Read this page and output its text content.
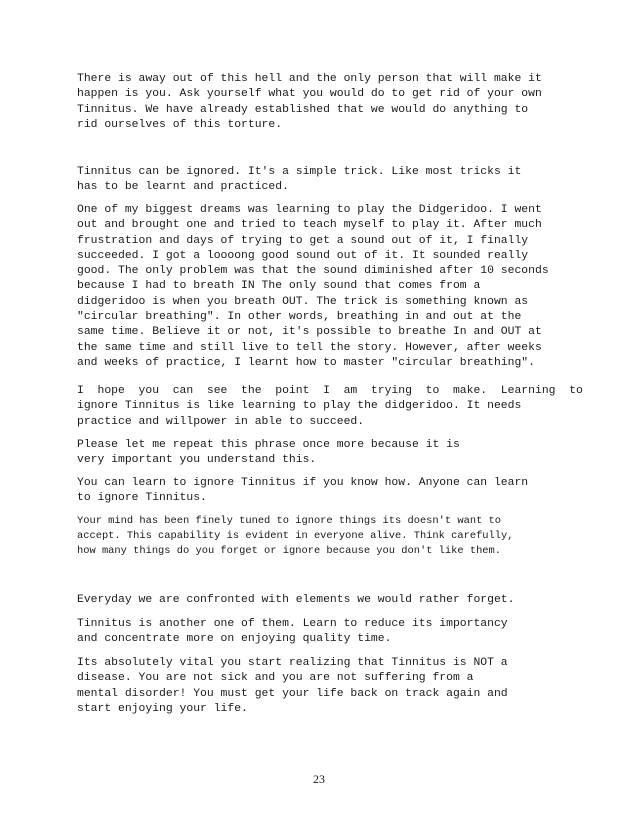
There is away out of this hell and the only person that will make it
happen is you. Ask yourself what you would do to get rid of your own
Tinnitus. We have already established that we would do anything to
rid ourselves of this torture.

Tinnitus can be ignored. It's a simple trick. Like most tricks it
has to be learnt and practiced.

One of my biggest dreams was learning to play the Didgeridoo. I went
out and brought one and tried to teach myself to play it. After much
frustration and days of trying to get a sound out of it, I finally
succeeded. I got a loooong good sound out of it. It sounded really
good. The only problem was that the sound diminished after 10 seconds
because I had to breath IN The only sound that comes from a
didgeridoo is when you breath OUT. The trick is something known as
"circular breathing". In other words, breathing in and out at the
same time. Believe it or not, it's possible to breathe In and OUT at
the same time and still live to tell the story. However, after weeks
and weeks of practice, I learnt how to master "circular breathing".

I  hope  you  can  see  the  point  I  am  trying  to  make.  Learning  to
ignore Tinnitus is like learning to play the didgeridoo. It needs
practice and willpower in able to succeed.

Please let me repeat this phrase once more because it is
very important you understand this.

You can learn to ignore Tinnitus if you know how. Anyone can learn
to ignore Tinnitus.

Your mind has been finely tuned to ignore things its doesn't want to
accept. This capability is evident in everyone alive. Think carefully,
how many things do you forget or ignore because you don't like them.

Everyday we are confronted with elements we would rather forget.

Tinnitus is another one of them. Learn to reduce its importancy
and concentrate more on enjoying quality time.

Its absolutely vital you start realizing that Tinnitus is NOT a
disease. You are not sick and you are not suffering from a
mental disorder! You must get your life back on track again and
start enjoying your life.

23
